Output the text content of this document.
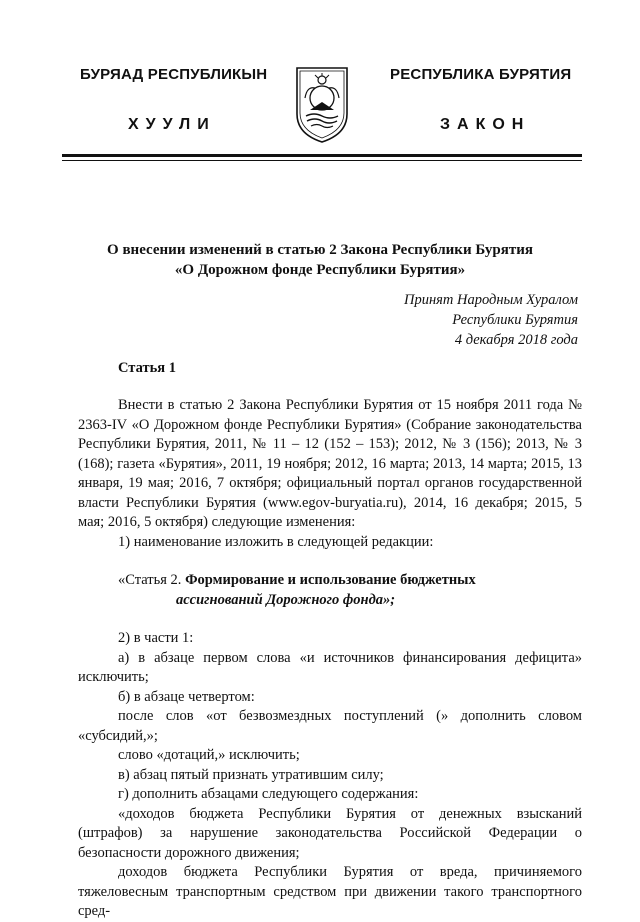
БУРЯАД РЕСПУБЛИКЫН
ХУУЛИ
РЕСПУБЛИКА БУРЯТИЯ
ЗАКОН
О внесении изменений в статью 2 Закона Республики Бурятия
«О Дорожном фонде Республики Бурятия»
Принят Народным Хуралом
Республики Бурятия
4 декабря 2018 года
Статья 1

Внести в статью 2 Закона Республики Бурятия от 15 ноября 2011 года № 2363-IV «О Дорожном фонде Республики Бурятия» (Собрание законодательства Республики Бурятия, 2011, № 11 – 12 (152 – 153); 2012, № 3 (156); 2013, № 3 (168); газета «Бурятия», 2011, 19 ноября; 2012, 16 марта; 2013, 14 марта; 2015, 13 января, 19 мая; 2016, 7 октября; официальный портал органов государственной власти Республики Бурятия (www.egov-buryatia.ru), 2014, 16 декабря; 2015, 5 мая; 2016, 5 октября) следующие изменения:

1) наименование изложить в следующей редакции:

«Статья 2. Формирование и использование бюджетных
ассигнований Дорожного фонда»;

2) в части 1:

а) в абзаце первом слова «и источников финансирования дефицита» исключить;

б) в абзаце четвертом:

после слов «от безвозмездных поступлений (» дополнить словом «субсидий,»;

слово «дотаций,» исключить;

в) абзац пятый признать утратившим силу;

г) дополнить абзацами следующего содержания:

«доходов бюджета Республики Бурятия от денежных взысканий (штрафов) за нарушение законодательства Российской Федерации о безопасности дорожного движения;

доходов бюджета Республики Бурятия от вреда, причиняемого тяжеловесным транспортным средством при движении такого транспортного сред-
